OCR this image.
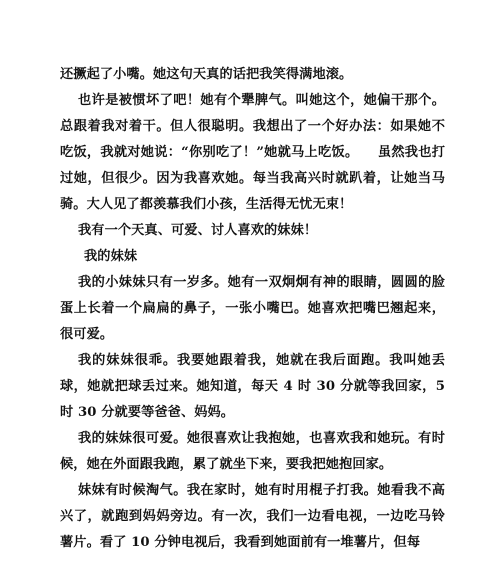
还撅起了小嘴。她这句天真的话把我笑得满地滚。

也许是被惯坏了吧！她有个犟脾气。叫她这个，她偏干那个。总跟着我对着干。但人很聪明。我想出了一个好办法：如果她不吃饭，我就对她说：“你别吃了！”她就马上吃饭。    虽然我也打过她，但很少。因为我喜欢她。每当我高兴时就趴着，让她当马骑。大人见了都羡慕我们小孩，生活得无忧无束！

我有一个天真、可爱、讨人喜欢的妹妹！

我的妹妹

我的小妹妹只有一岁多。她有一双炯炯有神的眼睛，圆圆的脸蛋上长着一个扁扁的鼻子，一张小嘴巴。她喜欢把嘴巴翘起来，很可爱。

我的妹妹很乖。我要她跟着我，她就在我后面跑。我叫她丢球，她就把球丢过来。她知道，每天 4 时 30 分就等我回家，5 时 30 分就要等爸爸、妈妈。

我的妹妹很可爱。她很喜欢让我抱她，也喜欢我和她玩。有时候，她在外面跟我跑，累了就坐下来，要我把她抱回家。

妹妹有时候淘气。我在家时，她有时用棍子打我。她看我不高兴了，就跑到妈妈旁边。有一次，我们一边看电视，一边吃马铃薯片。看了 10 分钟电视后，我看到她面前有一堆薯片，但每
